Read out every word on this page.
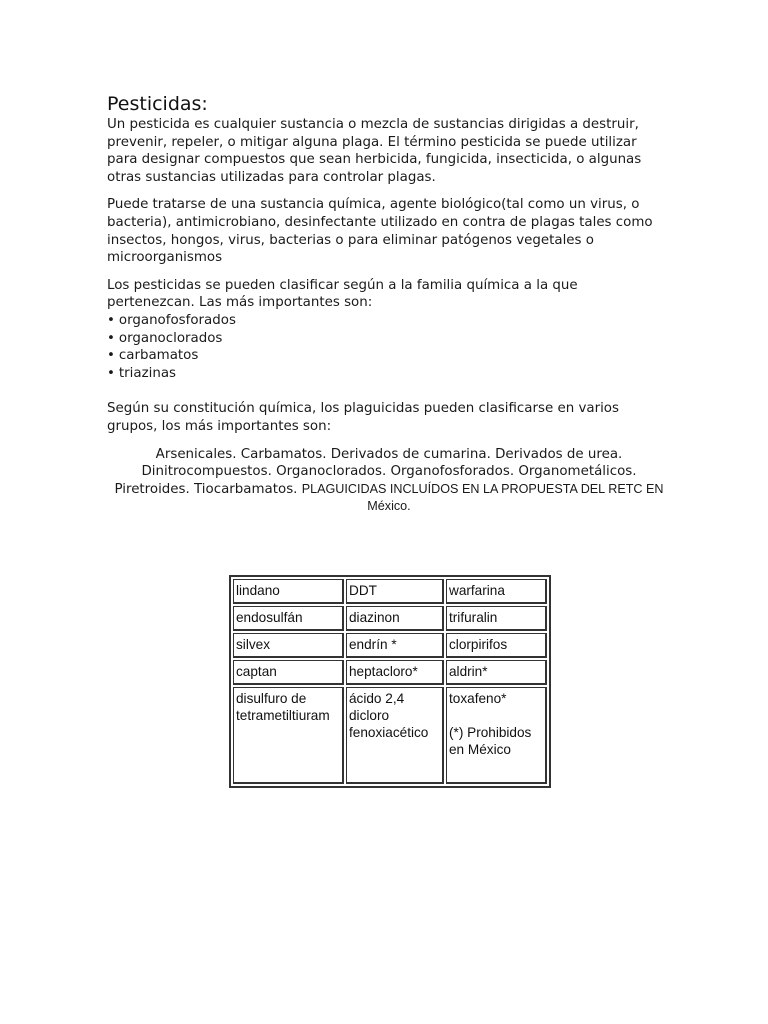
Pesticidas:

Un pesticida es cualquier sustancia o mezcla de sustancias dirigidas a destruir, prevenir, repeler, o mitigar alguna plaga. El término pesticida se puede utilizar para designar compuestos que sean herbicida, fungicida, insecticida, o algunas otras sustancias utilizadas para controlar plagas.

Puede tratarse de una sustancia química, agente biológico(tal como un virus, o bacteria), antimicrobiano, desinfectante utilizado en contra de plagas tales como insectos, hongos, virus, bacterias o para eliminar patógenos vegetales o microorganismos

Los pesticidas se pueden clasificar según a la familia química a la que pertenezcan. Las más importantes son:

• organofosforados
• organoclorados
• carbamatos
• triazinas

Según su constitución química, los plaguicidas pueden clasificarse en varios grupos, los más importantes son:

Arsenicales. Carbamatos. Derivados de cumarina. Derivados de urea. Dinitrocompuestos. Organoclorados. Organofosforados. Organometálicos. Piretroides. Tiocarbamatos. PLAGUICIDAS INCLUÍDOS EN LA PROPUESTA DEL RETC EN México.

lindano	DDT	warfarina
endosulfán	diazinon	trifuralin
silvex	endrín *	clorpirifos
captan	heptacloro*	aldrin*
disulfuro de tetrametiltiuram	ácido 2,4 dicloro fenoxiacético	toxafeno*
(*) Prohibidos en México
